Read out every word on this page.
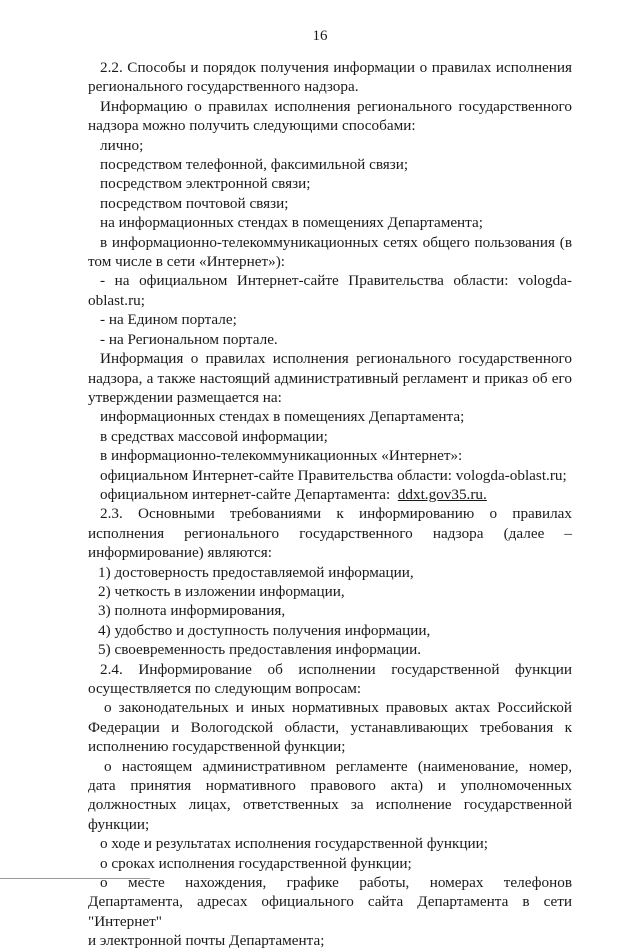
16

2.2. Способы и порядок получения информации о правилах исполнения

регионального государственного надзора.

Информацию о правилах исполнения регионального государственного

надзора можно получить следующими способами:

лично;

посредством телефонной, факсимильной связи;

посредством электронной связи;

посредством почтовой связи;

на информационных стендах в помещениях Департамента;

в информационно-телекоммуникационных сетях общего пользования (в

том числе в сети «Интернет»):

- на официальном Интернет-сайте Правительства области: vologda-

oblast.ru;

- на Едином портале;

- на Региональном портале.

Информация о правилах исполнения регионального государственного

надзора, а также настоящий административный регламент и приказ об его

утверждении размещается на:

информационных стендах в помещениях Департамента;

в средствах массовой информации;

в информационно-телекоммуникационных «Интернет»:

официальном Интернет-сайте Правительства области: vologda-oblast.ru;

официальном интернет-сайте Департамента: ddxt.gov35.ru.

2.3. Основными требованиями к информированию о правилах

исполнения регионального государственного надзора (далее –

информирование) являются:

1) достоверность предоставляемой информации,

2) четкость в изложении информации,

3) полнота информирования,

4) удобство и доступность получения информации,

5) своевременность предоставления информации.

2.4. Информирование об исполнении государственной функции

осуществляется по следующим вопросам:

о законодательных и иных нормативных правовых актах Российской

Федерации и Вологодской области, устанавливающих требования к

исполнению государственной функции;

о настоящем административном регламенте (наименование, номер,

дата принятия нормативного правового акта) и уполномоченных

должностных лицах, ответственных за исполнение государственной

функции;

о ходе и результатах исполнения государственной функции;

о сроках исполнения государственной функции;

о месте нахождения, графике работы, номерах телефонов

Департамента, адресах официального сайта Департамента в сети "Интернет"

и электронной почты Департамента;
